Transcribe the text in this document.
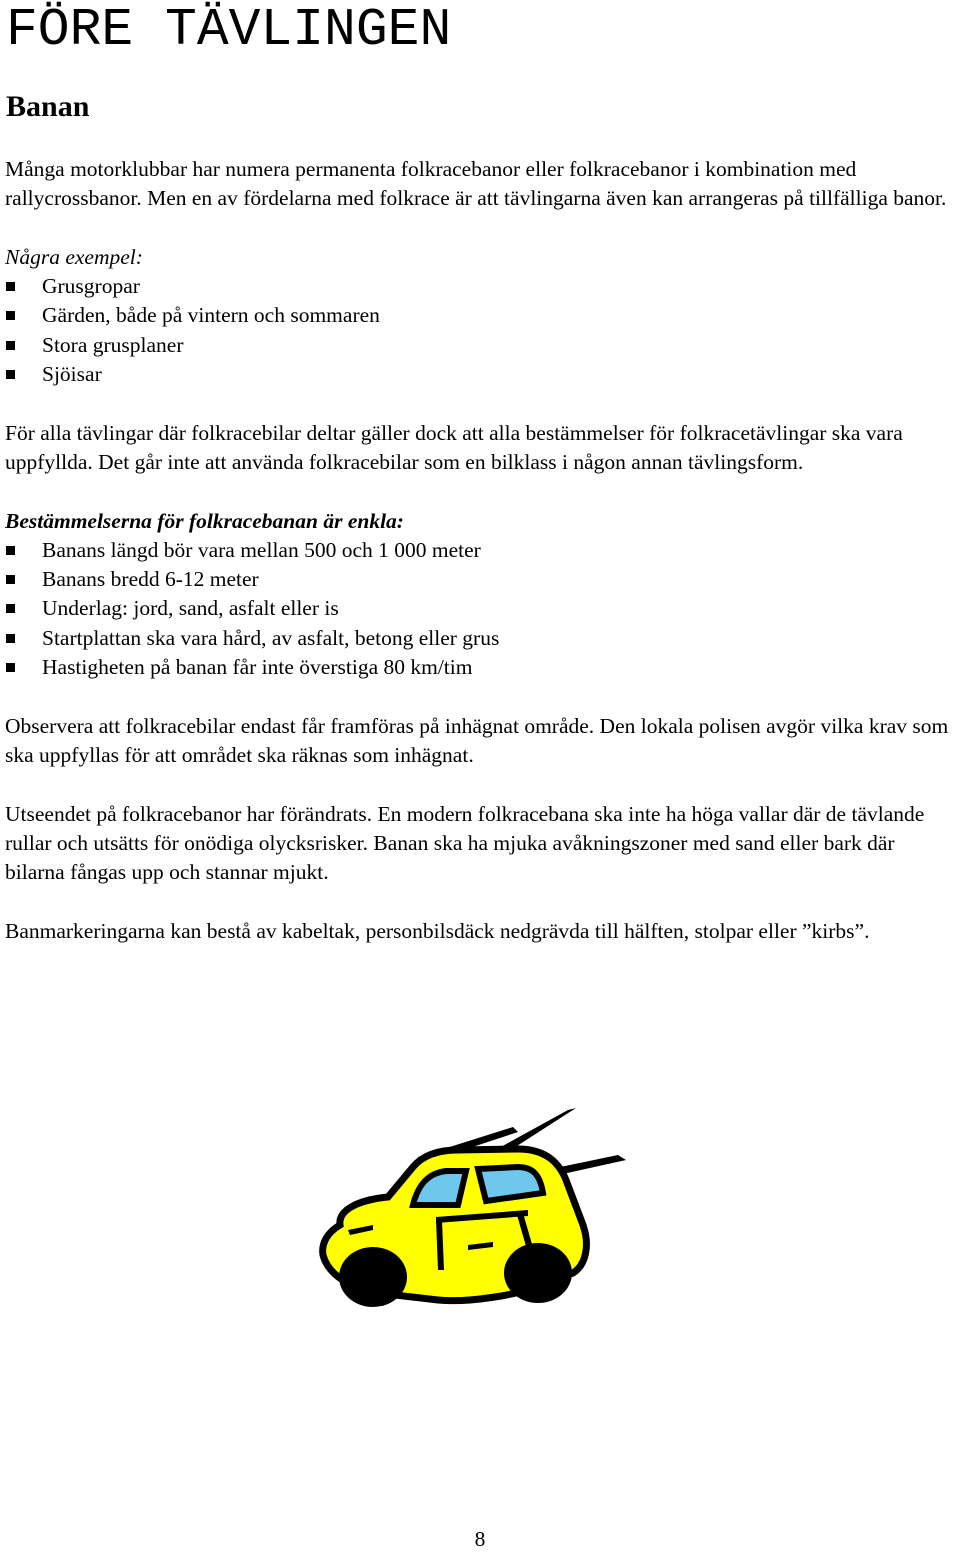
FÖRE TÄVLINGEN
Banan

Många motorklubbar har numera permanenta folkracebanor eller folkracebanor i kombination med rallycrossbanor. Men en av fördelarna med folkrace är att tävlingarna även kan arrangeras på tillfälliga banor.

Några exempel:

Grusgropar
Gärden, både på vintern och sommaren
Stora grusplaner
Sjöisar

För alla tävlingar där folkracebilar deltar gäller dock att alla bestämmelser för folkracetävlingar ska vara uppfyllda. Det går inte att använda folkracebilar som en bilklass i någon annan tävlingsform.

Bestämmelserna för folkracebanan är enkla:

Banans längd bör vara mellan 500 och 1 000 meter
Banans bredd 6-12 meter
Underlag: jord, sand, asfalt eller is
Startplattan ska vara hård, av asfalt, betong eller grus
Hastigheten på banan får inte överstiga 80 km/tim

Observera att folkracebilar endast får framföras på inhägnat område. Den lokala polisen avgör vilka krav som ska uppfyllas för att området ska räknas som inhägnat.

Utseendet på folkracebanor har förändrats. En modern folkracebana ska inte ha höga vallar där de tävlande rullar och utsätts för onödiga olycksrisker. Banan ska ha mjuka avåkningszoner med sand eller bark där bilarna fångas upp och stannar mjukt.

Banmarkeringarna kan bestå av kabeltak, personbilsdäck nedgrävda till hälften, stolpar eller ”kirbs”.

8
